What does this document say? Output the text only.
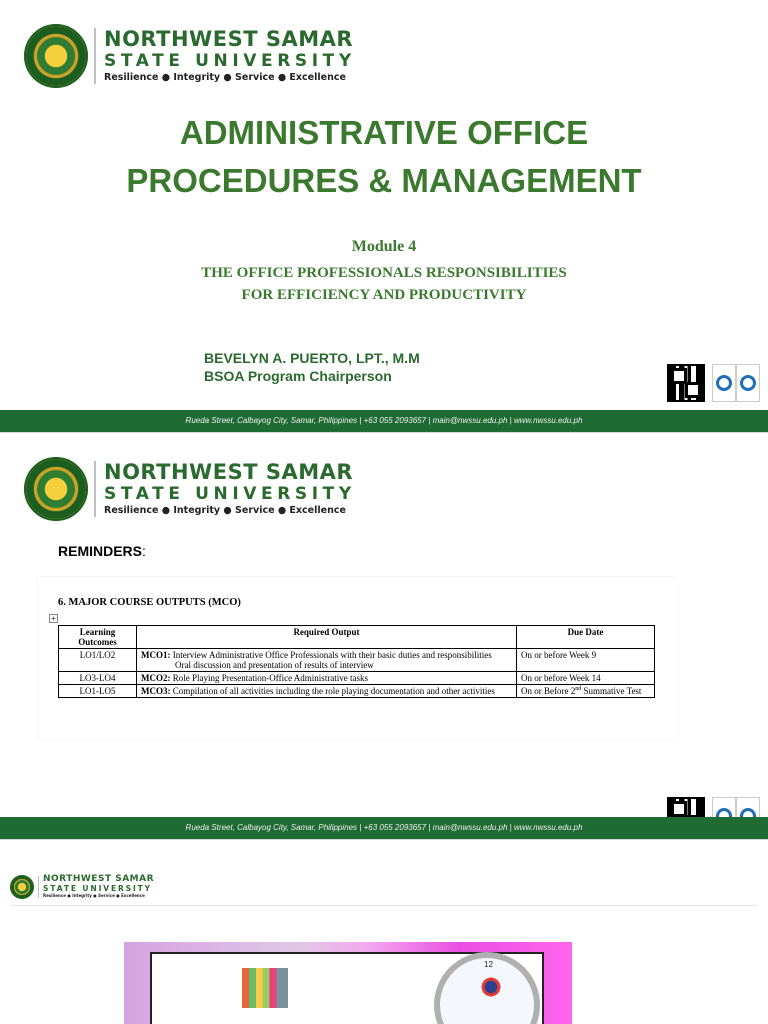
NORTHWEST SAMAR
STATE UNIVERSITY
Resilience ● Integrity ● Service ● Excellence
ADMINISTRATIVE OFFICE
PROCEDURES & MANAGEMENT
Module 4
THE OFFICE PROFESSIONALS RESPONSIBILITIES
FOR EFFICIENCY AND PRODUCTIVITY
BEVELYN A. PUERTO, LPT., M.M
BSOA Program Chairperson
Rueda Street, Calbayog City, Samar, Philippines | +63 055 2093657 | main@nwssu.edu.ph | www.nwssu.edu.ph
NORTHWEST SAMAR
STATE UNIVERSITY
Resilience ● Integrity ● Service ● Excellence
REMINDERS:
6. MAJOR COURSE OUTPUTS (MCO)
+
Learning Outcomes	Required Output	Due Date
LO1/LO2	MCO1: Interview Administrative Office Professionals with their basic duties and responsibilities
Oral discussion and presentation of results of interview	On or before Week 9
LO3-LO4	MCO2: Role Playing Presentation-Office Administrative tasks	On or before Week 14
LO1-LO5	MCO3: Compilation of all activities including the role playing documentation and other activities	On or Before 2nd Summative Test
Rueda Street, Calbayog City, Samar, Philippines | +63 055 2093657 | main@nwssu.edu.ph | www.nwssu.edu.ph
NORTHWEST SAMAR
STATE UNIVERSITY
Resilience ● Integrity ● Service ● Excellence
12
